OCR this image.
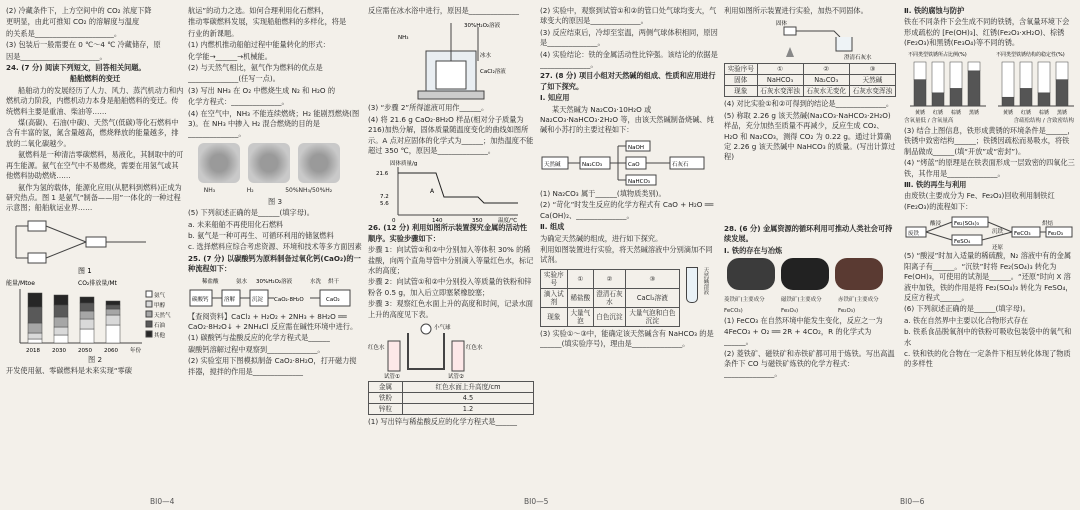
(2) 冷藏条件下，上方空间中的 CO₂ 浓度下降

更明显，由此可推知 CO₂ 的溶解度与温度

的关系是______________________。

(3) 包装后一般需要在 0 ℃～4 ℃ 冷藏储存，原

因是______________________。

24. (7 分) 阅读下列短文，回答相关问题。

船舶燃料的变迁

船舶动力的发展经历了人力、风力、蒸汽机动力和内燃机动力阶段，内燃机动力本身是船舶燃料的变迁。传统燃料主要是重油、柴油等……

煤(高碳)、石油(中碳)、天然气(低碳)等化石燃料中含有丰富的氢，氮含量越高，燃烧释放的能量越多，排放的二氧化碳越少。

氨燃料是一种清洁零碳燃料，易液化，其制取中的可再生能源。氨气在空气中不易燃烧，需要在用氢气或其他燃料协助燃烧……

氨作为氢的载体，能源化应用(从肥料到燃料)正成为研究热点。图 1 是氨气“制备——用”一体化的一种过程示意图；船舶航运业界……

图 1
能量/Mtoe	CO₂排放量/Mt
氨气
甲醇
天然气
石油
其他
2018 2030 2050 2060 年份

图 2

开发使用氨、零碳燃料是未来实现“零碳

航运”的动力之选。如何合理利用化石燃料，

推动零碳燃料发展，实现船舶燃料的多样化，将是

行业的新课题。

(1) 内燃机推动船舶过程中能量转化的形式：

化学能→______→机械能。

(2) 与天然气相比，氨气作为燃料的优点是

______________(任写一点)。

(3) 写出 NH₃ 在 O₂ 中燃烧生成 N₂ 和 H₂O 的

化学方程式：______________。

(4) 在空气中，NH₃ 不能连续燃烧；H₂ 能剧烈燃烧(图 3)。在 NH₃ 中掺入 H₂ 混合燃烧的目的是______________。

NH₃	H₂	50%NH₃/50%H₂

图 3

(5) 下列叙述正确的是______(填字母)。

a. 未来船舶不再使用化石燃料

b. 氨气是一种可再生、可循环利用的储氢燃料

c. 选择燃料应综合考虑资源、环境和技术等多方面因素

25. (7 分) 以碳酸钙为原料制备过氧化钙(CaO₂)的一种流程如下：

稀盐酸	氨水 30%H₂O₂溶液
碳酸钙	溶解	沉淀 CaO₂·8H₂O
水洗 烘干
CaO₂

【查阅资料】CaCl₂ + H₂O₂ + 2NH₃ + 8H₂O ══ CaO₂·8H₂O↓ + 2NH₄Cl 反应需在碱性环境中进行。

(1) 碳酸钙与盐酸反应的化学方程式是______

碳酸钙溶解过程中观察到______________。

(2) 实验室用下图模拟制备 CaO₂·8H₂O，打开磁力搅拌器，搅拌的作用是______________

反应需在冰水浴中进行，原因是______________

NH₃
30%H₂O₂溶液
冰水
CaCl₂溶液

(3) “步骤 2”所得滤液可用作______。

(4) 将 21.6 g CaO₂·8H₂O 样品(相对分子质量为 216)加热分解，固体质量随温度变化的曲线如图所示。A 点对应固体的化学式为______；加热温度不能超过 350 ℃，原因是______________。

固体质量/g
21.6
7.2
5.6
0	140	350	温度/℃
A

26. (12 分) 利用如图所示装置探究金属的活动性顺序。实验步骤如下：

步骤 1：向试管①和②中分别加入等体积 30% 的稀盐酸，向两个直角导管中分别滴入等量红色水，标记水的高度；

步骤 2：向试管①和②中分别投入等质量的铁粉和锌粉各 0.5 g，加入后立即塞紧橡胶塞；

步骤 3：观察红色水面上升的高度和时间，记录水面上升的高度见下表。

小气球
红色水	红色水
试管①	试管②
金属	红色水面上升高度/cm
铁粉	4.5
锌粒	1.2

(1) 写出锌与稀盐酸反应的化学方程式是______

(2) 实验中，观察到试管①和②的管口处气球均变大，气球变大的原因是______________。

(3) 反应结束后，冷却至室温，两侧气球体积相同，原因是______________。

(4) 实验结论：铁的金属活动性比锌强。该结论的依据是______________。

27. (8 分) 项目小组对天然碱的组成、性质和应用进行了如下探究。

Ⅰ. 知应用

某天然碱为 Na₂CO₃·10H₂O 或 Na₂CO₃·NaHCO₃·2H₂O 等，由该天然碱制备烧碱、纯碱和小苏打的主要过程如下：

天然碱	Na₂CO₃
NaOH
CaO	石灰石
NaHCO₃

(1) Na₂CO₃ 属于______(填物质类别)。

(2) “苛化”时发生反应的化学方程式有 CaO + H₂O ══ Ca(OH)₂、______________。

Ⅱ. 组成

为确定天然碱的组成，进行如下探究。

利用如图装置进行实验，将天然碱溶液中分别滴加不同试剂。

实验序号	①	②	③
滴入试剂	稀盐酸	澄清石灰水	CaCl₂溶液
现象	大量气泡	白色沉淀	大量气泡和白色沉淀
天然碱溶液

(3) 实验①～③中，能确定该天然碱含有 NaHCO₃ 的是______(填实验序号)，理由是______________。

利用如图所示装置进行实验，加热不同固体。

固体
澄清石灰水
实验序号	①	②	③
固体	NaHCO₃	Na₂CO₃	天然碱
现象	石灰水变浑浊	石灰水无变化	石灰水变浑浊

(4) 对比实验①和②可得到的结论是______________。

(5) 称取 2.26 g 该天然碱(Na₂CO₃·NaHCO₃·2H₂O)样品，充分加热至质量不再减少，反应生成 CO₂、H₂O 和 Na₂CO₃，测得 CO₂ 为 0.22 g。通过计算确定 2.26 g 该天然碱中 NaHCO₃ 的质量。(写出计算过程)

28. (6 分) 金属资源的循环利用可推动人类社会可持续发展。

Ⅰ. 铁的存在与冶炼

菱铁矿(主要成分 FeCO₃)
磁铁矿(主要成分 Fe₃O₄)
赤铁矿(主要成分 Fe₂O₃)

(1) FeCO₃ 在自然环境中能发生变化，反应之一为 4FeCO₃ + O₂ ══ 2R + 4CO₂，R 的化学式为______。

(2) 菱铁矿、磁铁矿和赤铁矿都可用于炼铁。写出高温条件下 CO 与磁铁矿炼铁的化学方程式：______________。

Ⅱ. 铁的腐蚀与防护

铁在不同条件下会生成不同的铁锈，含氧量环境下会形成疏松的 [Fe(OH)₃]、红锈(Fe₂O₃·xH₂O)、棕锈(Fe₂O₃)和黑锈(Fe₃O₄)等不同的锈。

不同类型铁锈所占比例(%)	不同类型铁锈结构的稳定性(%)
黄锈 红锈 棕锈 黑锈	黄锈 红锈 棕锈 黑锈
含氧量低 / 含氧量高	含疏松结构 / 含致密结构

(3) 结合上图信息，铁形成黄锈的环境条件是______，铁锈中致密结构______；铁锈因疏松而易吸水，将铁制品做成______(填“开放”或“密封”)。

(4) “烤蓝”的原理是在铁表面形成一层致密的四氧化三铁，其作用是______________。

Ⅲ. 铁的再生与利用

由废铁(主要成分为 Fe、Fe₂O₃)回收利用制铁红(Fe₂O₃)的流程如下：

废铁
酸浸 Fe₂(SO₄)₃
FeSO₄
沉铁
还原
FeCO₃
烘焙
Fe₂O₃

(5) “酸浸”时加入适量的稀硫酸，N₂ 溶液中有的金属阳离子有______。“沉铁”时将 Fe₂(SO₄)₃ 转化为 Fe(OH)₃，可使用的试剂是______。“还原”时向 X 溶液中加铁，铁的作用是将 Fe₂(SO₄)₃ 转化为 FeSO₄，反应方程式______。

(6) 下列叙述正确的是______(填字母)。

a. 铁在自然界中主要以化合物形式存在

b. 铁系食品脱氧剂中的铁粉可吸收包装袋中的氧气和水

c. 铁和铁的化合物在一定条件下相互转化体现了物质的多样性

BI0—4	BI0—5	BI0—6
